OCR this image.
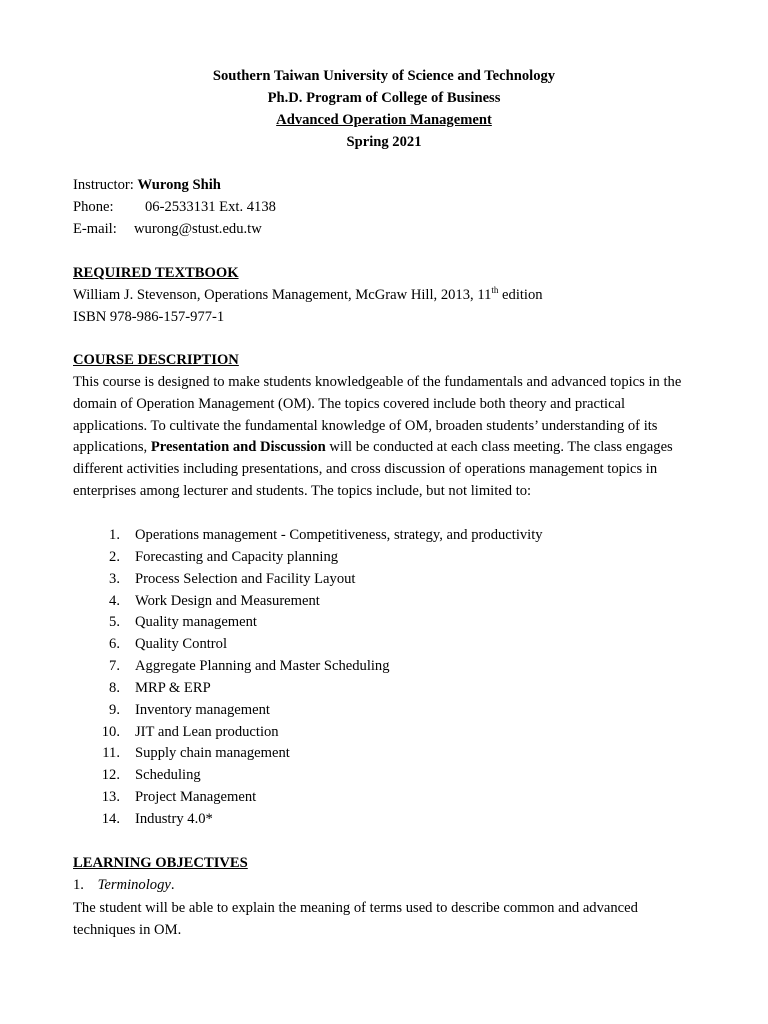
Southern Taiwan University of Science and Technology
Ph.D. Program of College of Business
Advanced Operation Management
Spring 2021
Instructor: Wurong Shih
Phone: 06-2533131 Ext. 4138
E-mail: wurong@stust.edu.tw
REQUIRED TEXTBOOK
William J. Stevenson, Operations Management, McGraw Hill, 2013, 11th edition
ISBN 978-986-157-977-1
COURSE DESCRIPTION
This course is designed to make students knowledgeable of the fundamentals and advanced topics in the domain of Operation Management (OM). The topics covered include both theory and practical applications. To cultivate the fundamental knowledge of OM, broaden students’ understanding of its applications, Presentation and Discussion will be conducted at each class meeting. The class engages different activities including presentations, and cross discussion of operations management topics in enterprises among lecturer and students. The topics include, but not limited to:
1. Operations management - Competitiveness, strategy, and productivity
2. Forecasting and Capacity planning
3. Process Selection and Facility Layout
4. Work Design and Measurement
5. Quality management
6. Quality Control
7. Aggregate Planning and Master Scheduling
8. MRP & ERP
9. Inventory management
10. JIT and Lean production
11. Supply chain management
12. Scheduling
13. Project Management
14. Industry 4.0*
LEARNING OBJECTIVES
1. Terminology.
The student will be able to explain the meaning of terms used to describe common and advanced techniques in OM.
